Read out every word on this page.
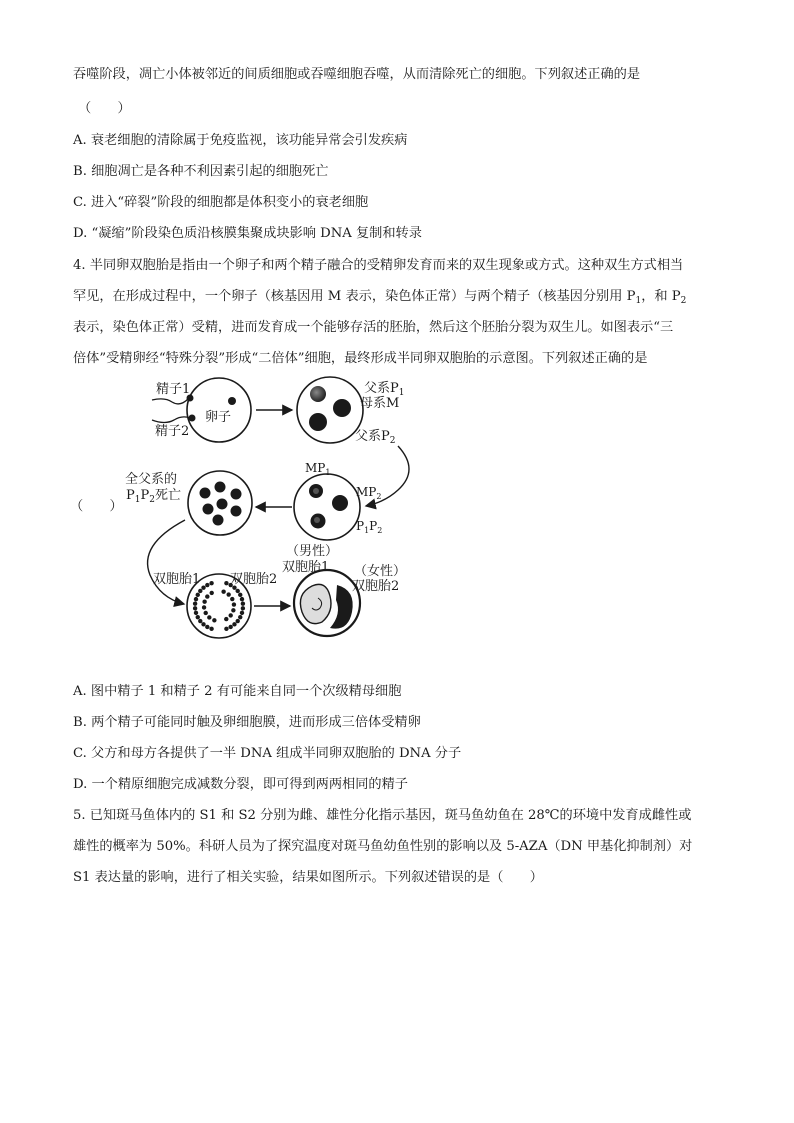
吞噬阶段，凋亡小体被邻近的间质细胞或吞噬细胞吞噬，从而清除死亡的细胞。下列叙述正确的是
（　　）
A. 衰老细胞的清除属于免疫监视，该功能异常会引发疾病
B. 细胞凋亡是各种不利因素引起的细胞死亡
C. 进入“碎裂”阶段的细胞都是体积变小的衰老细胞
D. “凝缩”阶段染色质沿核膜集聚成块影响 DNA 复制和转录
4. 半同卵双胞胎是指由一个卵子和两个精子融合的受精卵发育而来的双生现象或方式。这种双生方式相当
罕见，在形成过程中，一个卵子（核基因用 M 表示，染色体正常）与两个精子（核基因分别用 $P_1$，和 $P_2$
表示，染色体正常）受精，进而发育成一个能够存活的胚胎，然后这个胚胎分裂为双生儿。如图表示“三
倍体”受精卵经“特殊分裂”形成“二倍体”细胞，最终形成半同卵双胞胎的示意图。下列叙述正确的是
（　　）
卵子
精子1
精子2
父系$P_1$
母系M
父系$P_2$
$MP_1$
$MP_2$
$P_1P_2$
全父系的
$P_1P_2$死亡
双胞胎1 双胞胎2
（男性）
双胞胎1 （女性）
双胞胎2
A. 图中精子 1 和精子 2 有可能来自同一个次级精母细胞
B. 两个精子可能同时触及卵细胞膜，进而形成三倍体受精卵
C. 父方和母方各提供了一半 DNA 组成半同卵双胞胎的 DNA 分子
D. 一个精原细胞完成减数分裂，即可得到两两相同的精子
5. 已知斑马鱼体内的 S1 和 S2 分别为雌、雄性分化指示基因，斑马鱼幼鱼在 28℃的环境中发育成雌性或
雄性的概率为 50%。科研人员为了探究温度对斑马鱼幼鱼性别的影响以及 5-AZA（DN 甲基化抑制剂）对
S1 表达量的影响，进行了相关实验，结果如图所示。下列叙述错误的是（　　）
